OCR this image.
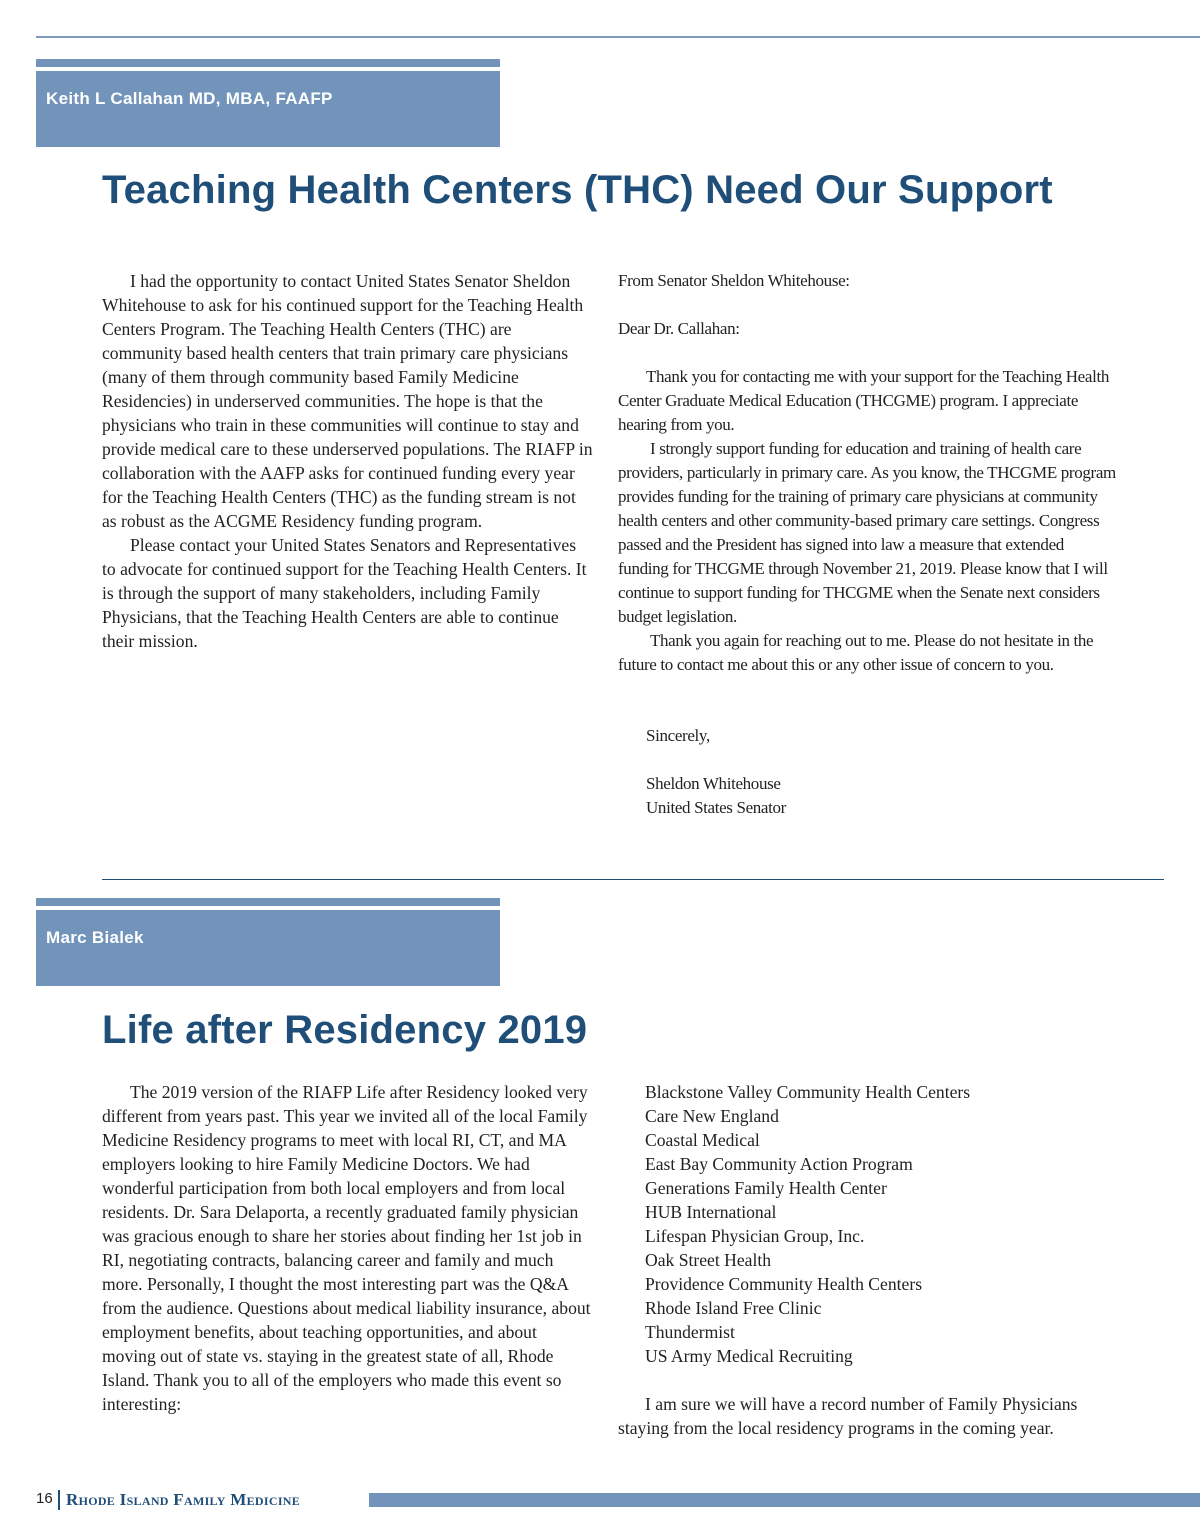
Keith L Callahan MD, MBA, FAAFP
Teaching Health Centers (THC) Need Our Support

I had the opportunity to contact United States Senator Sheldon Whitehouse to ask for his continued support for the Teaching Health Centers Program. The Teaching Health Centers (THC) are community based health centers that train primary care physicians (many of them through community based Family Medicine Residencies) in underserved communities. The hope is that the physicians who train in these communities will continue to stay and provide medical care to these underserved populations. The RIAFP in collaboration with the AAFP asks for continued funding every year for the Teaching Health Centers (THC) as the funding stream is not as robust as the ACGME Residency funding program.

Please contact your United States Senators and Representatives to advocate for continued support for the Teaching Health Centers. It is through the support of many stakeholders, including Family Physicians, that the Teaching Health Centers are able to continue their mission.

From Senator Sheldon Whitehouse:

Dear Dr. Callahan:

Thank you for contacting me with your support for the Teaching Health Center Graduate Medical Education (THCGME) program. I appreciate hearing from you.

I strongly support funding for education and training of health care providers, particularly in primary care. As you know, the THCGME program provides funding for the training of primary care physicians at community health centers and other community-based primary care settings. Congress passed and the President has signed into law a measure that extended funding for THCGME through November 21, 2019. Please know that I will continue to support funding for THCGME when the Senate next considers budget legislation.

Thank you again for reaching out to me. Please do not hesitate in the future to contact me about this or any other issue of concern to you.

Sincerely,

Sheldon Whitehouse

United States Senator

Marc Bialek
Life after Residency 2019

The 2019 version of the RIAFP Life after Residency looked very different from years past. This year we invited all of the local Family Medicine Residency programs to meet with local RI, CT, and MA employers looking to hire Family Medicine Doctors. We had wonderful participation from both local employers and from local residents. Dr. Sara Delaporta, a recently graduated family physician was gracious enough to share her stories about finding her 1st job in RI, negotiating contracts, balancing career and family and much more. Personally, I thought the most interesting part was the Q&A from the audience. Questions about medical liability insurance, about employment benefits, about teaching opportunities, and about moving out of state vs. staying in the greatest state of all, Rhode Island. Thank you to all of the employers who made this event so interesting:

Blackstone Valley Community Health Centers
Care New England
Coastal Medical
East Bay Community Action Program
Generations Family Health Center
HUB International
Lifespan Physician Group, Inc.
Oak Street Health
Providence Community Health Centers
Rhode Island Free Clinic
Thundermist
US Army Medical Recruiting

I am sure we will have a record number of Family Physicians staying from the local residency programs in the coming year.

16 Rhode Island Family Medicine
